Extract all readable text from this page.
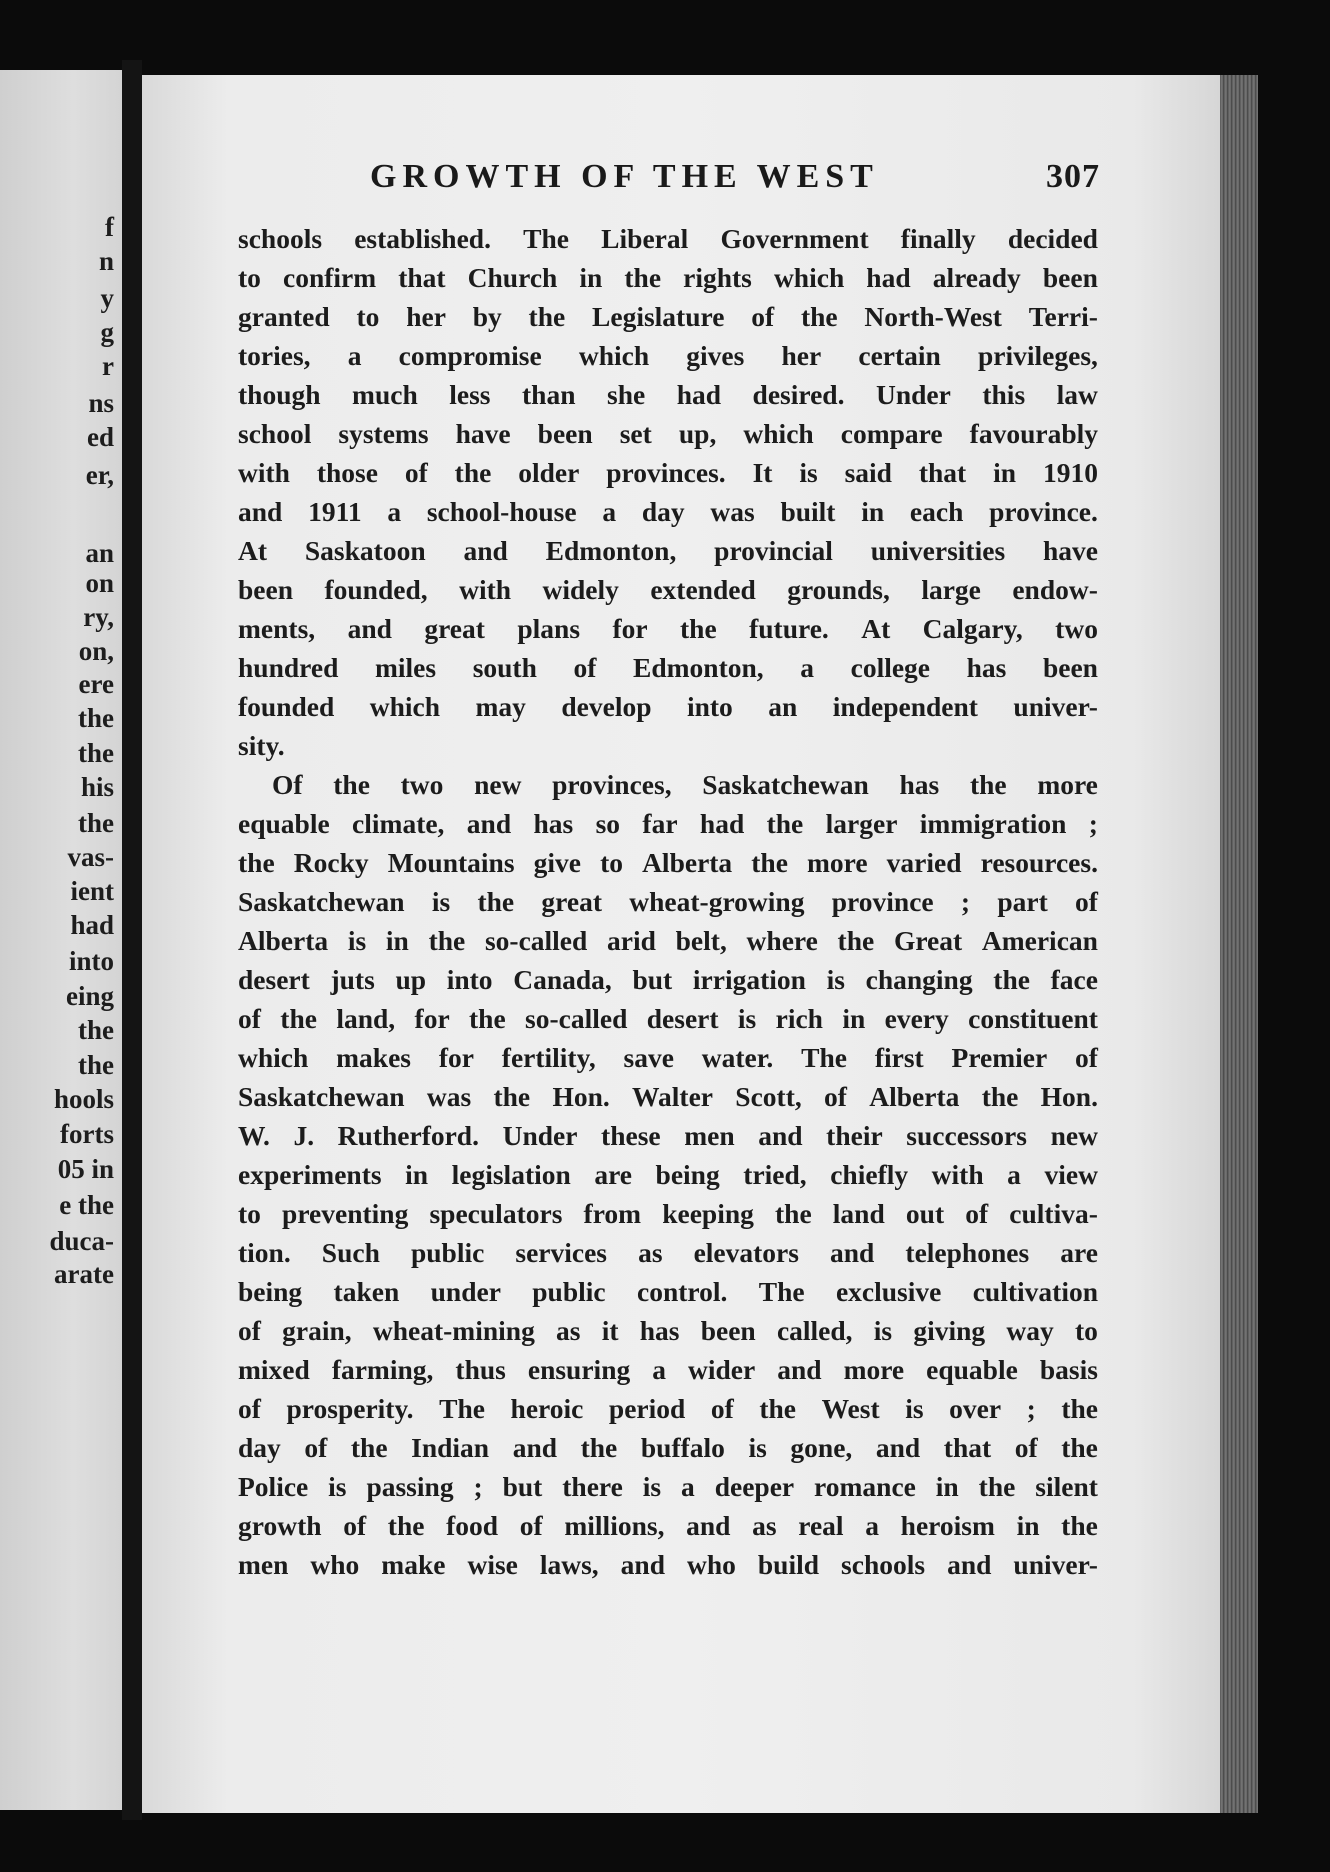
f
n
y
g
r
ns
ed
er,
an
on
ry,
on,
ere
the
the
his
the
vas-
ient
had
into
eing
the
the
hools
forts
05 in
e the
duca-
arate
GROWTH OF THE WEST	307
schools established. The Liberal Government finally decided
to confirm that Church in the rights which had already been
granted to her by the Legislature of the North-West Terri-
tories, a compromise which gives her certain privileges,
though much less than she had desired. Under this law
school systems have been set up, which compare favourably
with those of the older provinces. It is said that in 1910
and 1911 a school-house a day was built in each province.
At Saskatoon and Edmonton, provincial universities have
been founded, with widely extended grounds, large endow-
ments, and great plans for the future. At Calgary, two
hundred miles south of Edmonton, a college has been
founded which may develop into an independent univer-
sity.
Of the two new provinces, Saskatchewan has the more
equable climate, and has so far had the larger immigration ;
the Rocky Mountains give to Alberta the more varied resources.
Saskatchewan is the great wheat-growing province ; part of
Alberta is in the so-called arid belt, where the Great American
desert juts up into Canada, but irrigation is changing the face
of the land, for the so-called desert is rich in every constituent
which makes for fertility, save water. The first Premier of
Saskatchewan was the Hon. Walter Scott, of Alberta the Hon.
W. J. Rutherford. Under these men and their successors new
experiments in legislation are being tried, chiefly with a view
to preventing speculators from keeping the land out of cultiva-
tion. Such public services as elevators and telephones are
being taken under public control. The exclusive cultivation
of grain, wheat-mining as it has been called, is giving way to
mixed farming, thus ensuring a wider and more equable basis
of prosperity. The heroic period of the West is over ; the
day of the Indian and the buffalo is gone, and that of the
Police is passing ; but there is a deeper romance in the silent
growth of the food of millions, and as real a heroism in the
men who make wise laws, and who build schools and univer-
